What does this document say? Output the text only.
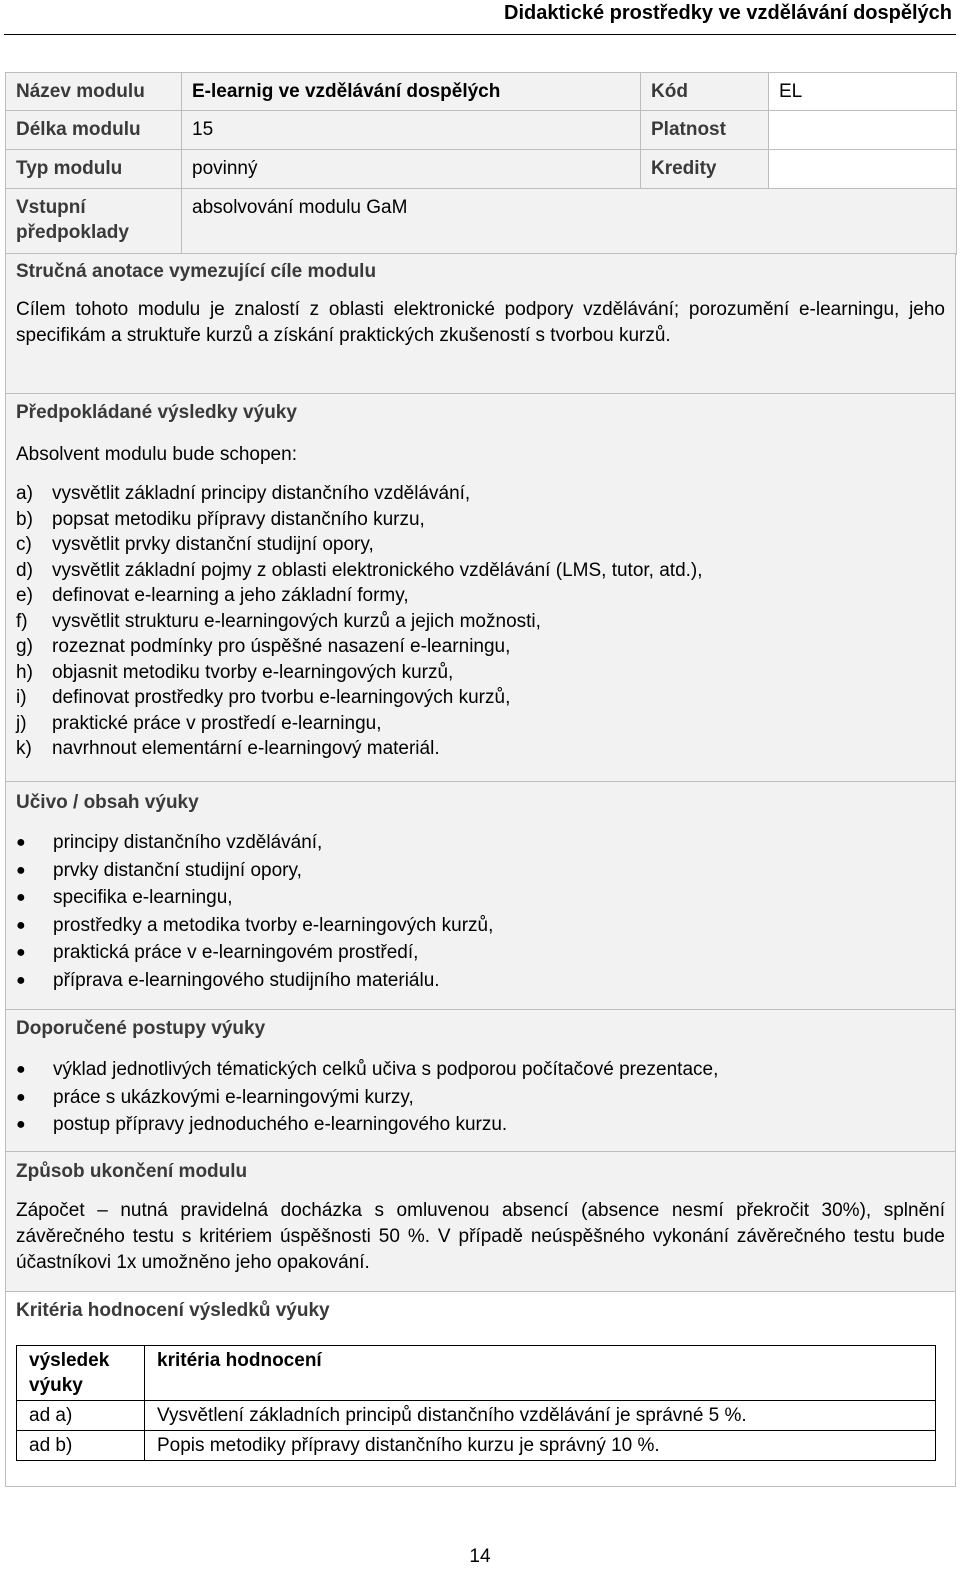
Didaktické prostředky ve vzdělávání dospělých
Název modulu	E-learnig ve vzdělávání dospělých	Kód	EL
Délka modulu	15	Platnost	
Typ modulu	povinný	Kredity	

Vstupní
předpoklady	absolvování modulu GaM		
Stručná anotace vymezující cíle modulu
Cílem tohoto modulu je znalostí z oblasti elektronické podpory vzdělávání; porozumění e-learningu, jeho specifikám a struktuře kurzů a získání praktických zkušeností s tvorbou kurzů.
Předpokládané výsledky výuky
Absolvent modulu bude schopen:
a)	vysvětlit základní principy distančního vzdělávání,
b)	popsat metodiku přípravy distančního kurzu,
c)	vysvětlit prvky distanční studijní opory,
d)	vysvětlit základní pojmy z oblasti elektronického vzdělávání (LMS, tutor, atd.),
e)	definovat e-learning a jeho základní formy,
f)	vysvětlit strukturu e-learningových kurzů a jejich možnosti,
g)	rozeznat podmínky pro úspěšné nasazení e-learningu,
h)	objasnit metodiku tvorby e-learningových kurzů,
i)	definovat prostředky pro tvorbu e-learningových kurzů,
j)	praktické práce v prostředí e-learningu,
k)	navrhnout elementární e-learningový materiál.
Učivo / obsah výuky
●	principy distančního vzdělávání,
●	prvky distanční studijní opory,
●	specifika e-learningu,
●	prostředky a metodika tvorby e-learningových kurzů,
●	praktická práce v e-learningovém prostředí,
●	příprava e-learningového studijního materiálu.
Doporučené postupy výuky
●	výklad jednotlivých tématických celků učiva s podporou počítačové prezentace,
●	práce s ukázkovými e-learningovými kurzy,
●	postup přípravy jednoduchého e-learningového kurzu.
Způsob ukončení modulu
Zápočet – nutná pravidelná docházka s omluvenou absencí (absence nesmí překročit 30%), splnění závěrečného testu s kritériem úspěšnosti 50 %. V případě neúspěšného vykonání závěrečného testu bude účastníkovi 1x umožněno jeho opakování.
Kritéria hodnocení výsledků výuky
výsledek
výuky	kritéria hodnocení
ad a)	Vysvětlení základních principů distančního vzdělávání je správné 5 %.
ad b)	Popis metodiky přípravy distančního kurzu je správný 10 %.
14
